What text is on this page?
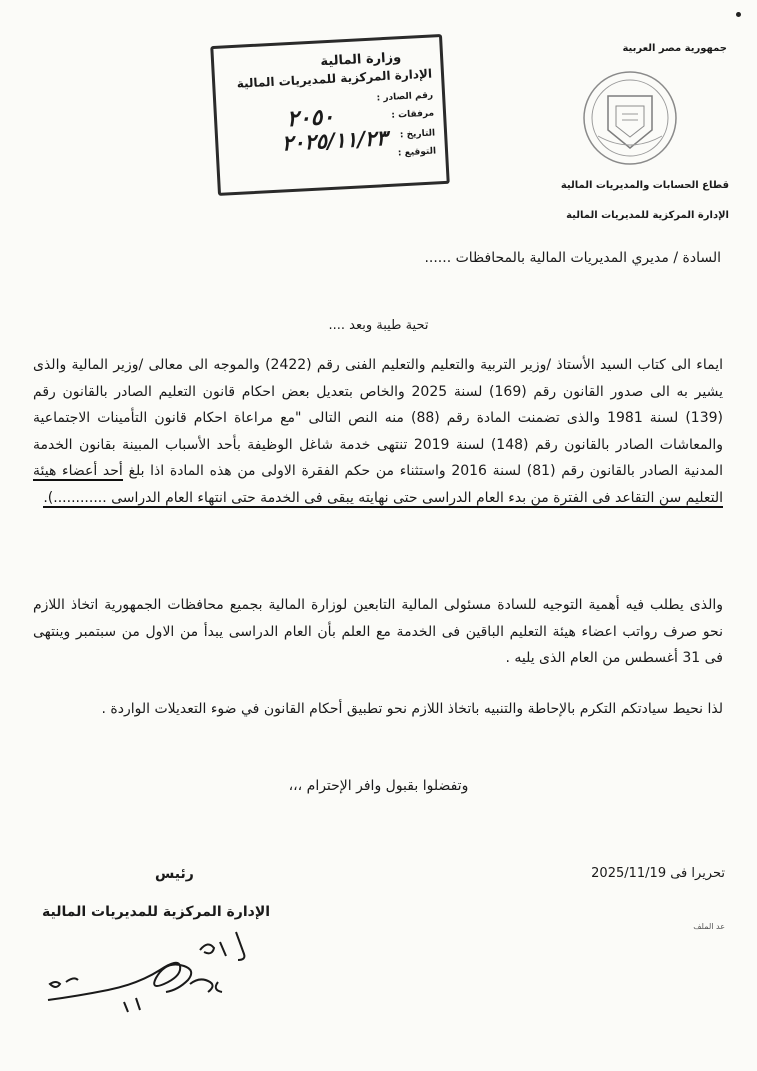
جمهورية مصر العربية
قطاع الحسابات والمديريات المالية
الإدارة المركزية للمديريات المالية
وزارة المالية
الإدارة المركزية للمديريات المالية
رقم الصادر :
٢٠٥٠	مرفقات :
التاريخ :
٢٠٢٥/١١/٢٣ التوقيع :
السادة / مديري المديريات المالية بالمحافظات ......
تحية طيبة وبعد ....
ايماء الى كتاب السيد الأستاذ /وزير التربية والتعليم والتعليم الفنى رقم (2422) والموجه الى معالى /وزير المالية والذى يشير به الى صدور القانون رقم (169) لسنة 2025 والخاص بتعديل بعض احكام قانون التعليم الصادر بالقانون رقم (139) لسنة 1981 والذى تضمنت المادة رقم (88) منه النص التالى "مع مراعاة احكام قانون التأمينات الاجتماعية والمعاشات الصادر بالقانون رقم (148) لسنة 2019 تنتهى خدمة شاغل الوظيفة بأحد الأسباب المبينة بقانون الخدمة المدنية الصادر بالقانون رقم (81) لسنة 2016 واستثناء من حكم الفقرة الاولى من هذه المادة اذا بلغ أحد أعضاء هيئة التعليم سن التقاعد فى الفترة من بدء العام الدراسى حتى نهايته يبقى فى الخدمة حتى انتهاء العام الدراسى ............).
والذى يطلب فيه أهمية التوجيه للسادة مسئولى المالية التابعين لوزارة المالية بجميع محافظات الجمهورية اتخاذ اللازم نحو صرف رواتب اعضاء هيئة التعليم الباقين فى الخدمة مع العلم بأن العام الدراسى يبدأ من الاول من سبتمبر وينتهى فى 31 أغسطس من العام الذى يليه .
لذا نحيط سيادتكم التكرم بالإحاطة والتنبيه باتخاذ اللازم نحو تطبيق أحكام القانون في ضوء التعديلات الواردة .
وتفضلوا بقبول وافر الإحترام ،،،
تحريرا فى 2025/11/19
رئيس
الإدارة المركزية للمديريات المالية
عد الملف
